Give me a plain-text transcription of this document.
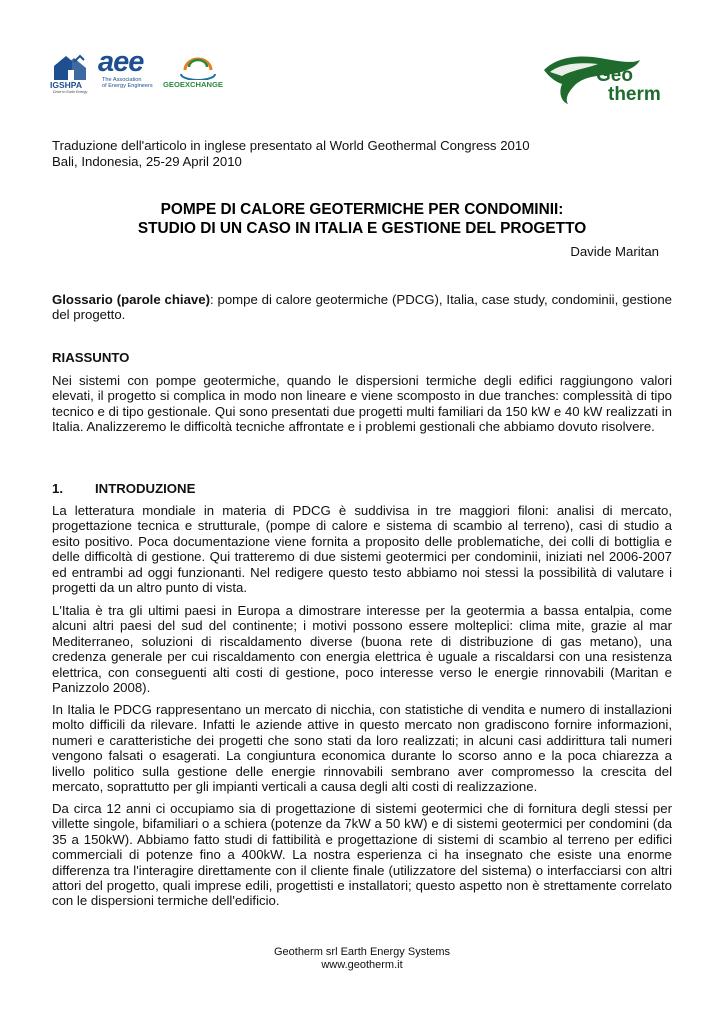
IGSHPA
Drive to Earth Energy
aee
The Association
of Energy Engineers GEOEXCHANGE	Geo
therm
Traduzione dell'articolo in inglese presentato al World Geothermal Congress 2010
Bali, Indonesia, 25-29 April 2010
POMPE DI CALORE GEOTERMICHE PER CONDOMINII:
STUDIO DI UN CASO IN ITALIA E GESTIONE DEL PROGETTO
Davide Maritan
Glossario (parole chiave): pompe di calore geotermiche (PDCG), Italia, case study, condominii, gestione del progetto.
RIASSUNTO
Nei sistemi con pompe geotermiche, quando le dispersioni termiche degli edifici raggiungono valori elevati, il progetto si complica in modo non lineare e viene scomposto in due tranches: complessità di tipo tecnico e di tipo gestionale. Qui sono presentati due progetti multi familiari da 150 kW e 40 kW realizzati in Italia. Analizzeremo le difficoltà tecniche affrontate e i problemi gestionali che abbiamo dovuto risolvere.
1. INTRODUZIONE
La letteratura mondiale in materia di PDCG è suddivisa in tre maggiori filoni: analisi di mercato, progettazione tecnica e strutturale, (pompe di calore e sistema di scambio al terreno), casi di studio a esito positivo. Poca documentazione viene fornita a proposito delle problematiche, dei colli di bottiglia e delle difficoltà di gestione. Qui tratteremo di due sistemi geotermici per condominii, iniziati nel 2006-2007 ed entrambi ad oggi funzionanti. Nel redigere questo testo abbiamo noi stessi la possibilità di valutare i progetti da un altro punto di vista.
L'Italia è tra gli ultimi paesi in Europa a dimostrare interesse per la geotermia a bassa entalpia, come alcuni altri paesi del sud del continente; i motivi possono essere molteplici: clima mite, grazie al mar Mediterraneo, soluzioni di riscaldamento diverse (buona rete di distribuzione di gas metano), una credenza generale per cui riscaldamento con energia elettrica è uguale a riscaldarsi con una resistenza elettrica, con conseguenti alti costi di gestione, poco interesse verso le energie rinnovabili (Maritan e Panizzolo 2008).
In Italia le PDCG rappresentano un mercato di nicchia, con statistiche di vendita e numero di installazioni molto difficili da rilevare. Infatti le aziende attive in questo mercato non gradiscono fornire informazioni, numeri e caratteristiche dei progetti che sono stati da loro realizzati; in alcuni casi addirittura tali numeri vengono falsati o esagerati. La congiuntura economica durante lo scorso anno e la poca chiarezza a livello politico sulla gestione delle energie rinnovabili sembrano aver compromesso la crescita del mercato, soprattutto per gli impianti verticali a causa degli alti costi di realizzazione.
Da circa 12 anni ci occupiamo sia di progettazione di sistemi geotermici che di fornitura degli stessi per villette singole, bifamiliari o a schiera (potenze da 7kW a 50 kW) e di sistemi geotermici per condomini (da 35 a 150kW). Abbiamo fatto studi di fattibilità e progettazione di sistemi di scambio al terreno per edifici commerciali di potenze fino a 400kW. La nostra esperienza ci ha insegnato che esiste una enorme differenza tra l'interagire direttamente con il cliente finale (utilizzatore del sistema) o interfacciarsi con altri attori del progetto, quali imprese edili, progettisti e installatori; questo aspetto non è strettamente correlato con le dispersioni termiche dell'edificio.
Geotherm srl Earth Energy Systems
www.geotherm.it
